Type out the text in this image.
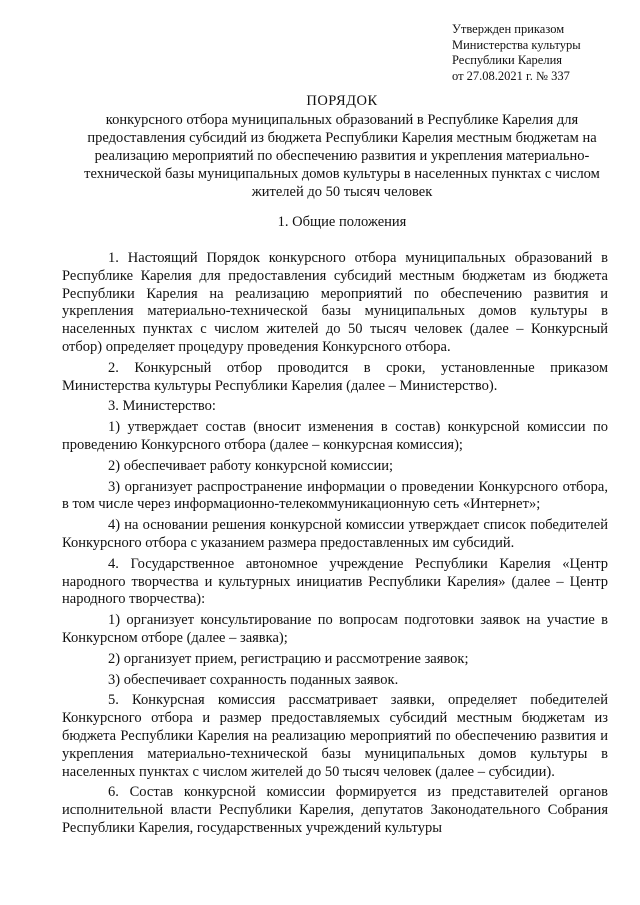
Утвержден приказом
Министерства культуры
Республики Карелия
от 27.08.2021 г. № 337
ПОРЯДОК
конкурсного отбора муниципальных образований в Республике Карелия для предоставления субсидий из бюджета Республики Карелия местным бюджетам на реализацию мероприятий по обеспечению развития и укрепления материально-технической базы муниципальных домов культуры в населенных пунктах с числом жителей до 50 тысяч человек
1. Общие положения

1. Настоящий Порядок конкурсного отбора муниципальных образований в Республике Карелия для предоставления субсидий местным бюджетам из бюджета Республики Карелия на реализацию мероприятий по обеспечению развития и укрепления материально-технической базы муниципальных домов культуры в населенных пунктах с числом жителей до 50 тысяч человек (далее – Конкурсный отбор) определяет процедуру проведения Конкурсного отбора.

2. Конкурсный отбор проводится в сроки, установленные приказом Министерства культуры Республики Карелия (далее – Министерство).

3. Министерство:

1) утверждает состав (вносит изменения в состав) конкурсной комиссии по проведению Конкурсного отбора (далее – конкурсная комиссия);

2) обеспечивает работу конкурсной комиссии;

3) организует распространение информации о проведении Конкурсного отбора, в том числе через информационно-телекоммуникационную сеть «Интернет»;

4) на основании решения конкурсной комиссии утверждает список победителей Конкурсного отбора с указанием размера предоставленных им субсидий.

4. Государственное автономное учреждение Республики Карелия «Центр народного творчества и культурных инициатив Республики Карелия» (далее – Центр народного творчества):

1) организует консультирование по вопросам подготовки заявок на участие в Конкурсном отборе (далее – заявка);

2) организует прием, регистрацию и рассмотрение заявок;

3) обеспечивает сохранность поданных заявок.

5. Конкурсная комиссия рассматривает заявки, определяет победителей Конкурсного отбора и размер предоставляемых субсидий местным бюджетам из бюджета Республики Карелия на реализацию мероприятий по обеспечению развития и укрепления материально-технической базы муниципальных домов культуры в населенных пунктах с числом жителей до 50 тысяч человек (далее – субсидии).

6. Состав конкурсной комиссии формируется из представителей органов исполнительной власти Республики Карелия, депутатов Законодательного Собрания Республики Карелия, государственных учреждений культуры
